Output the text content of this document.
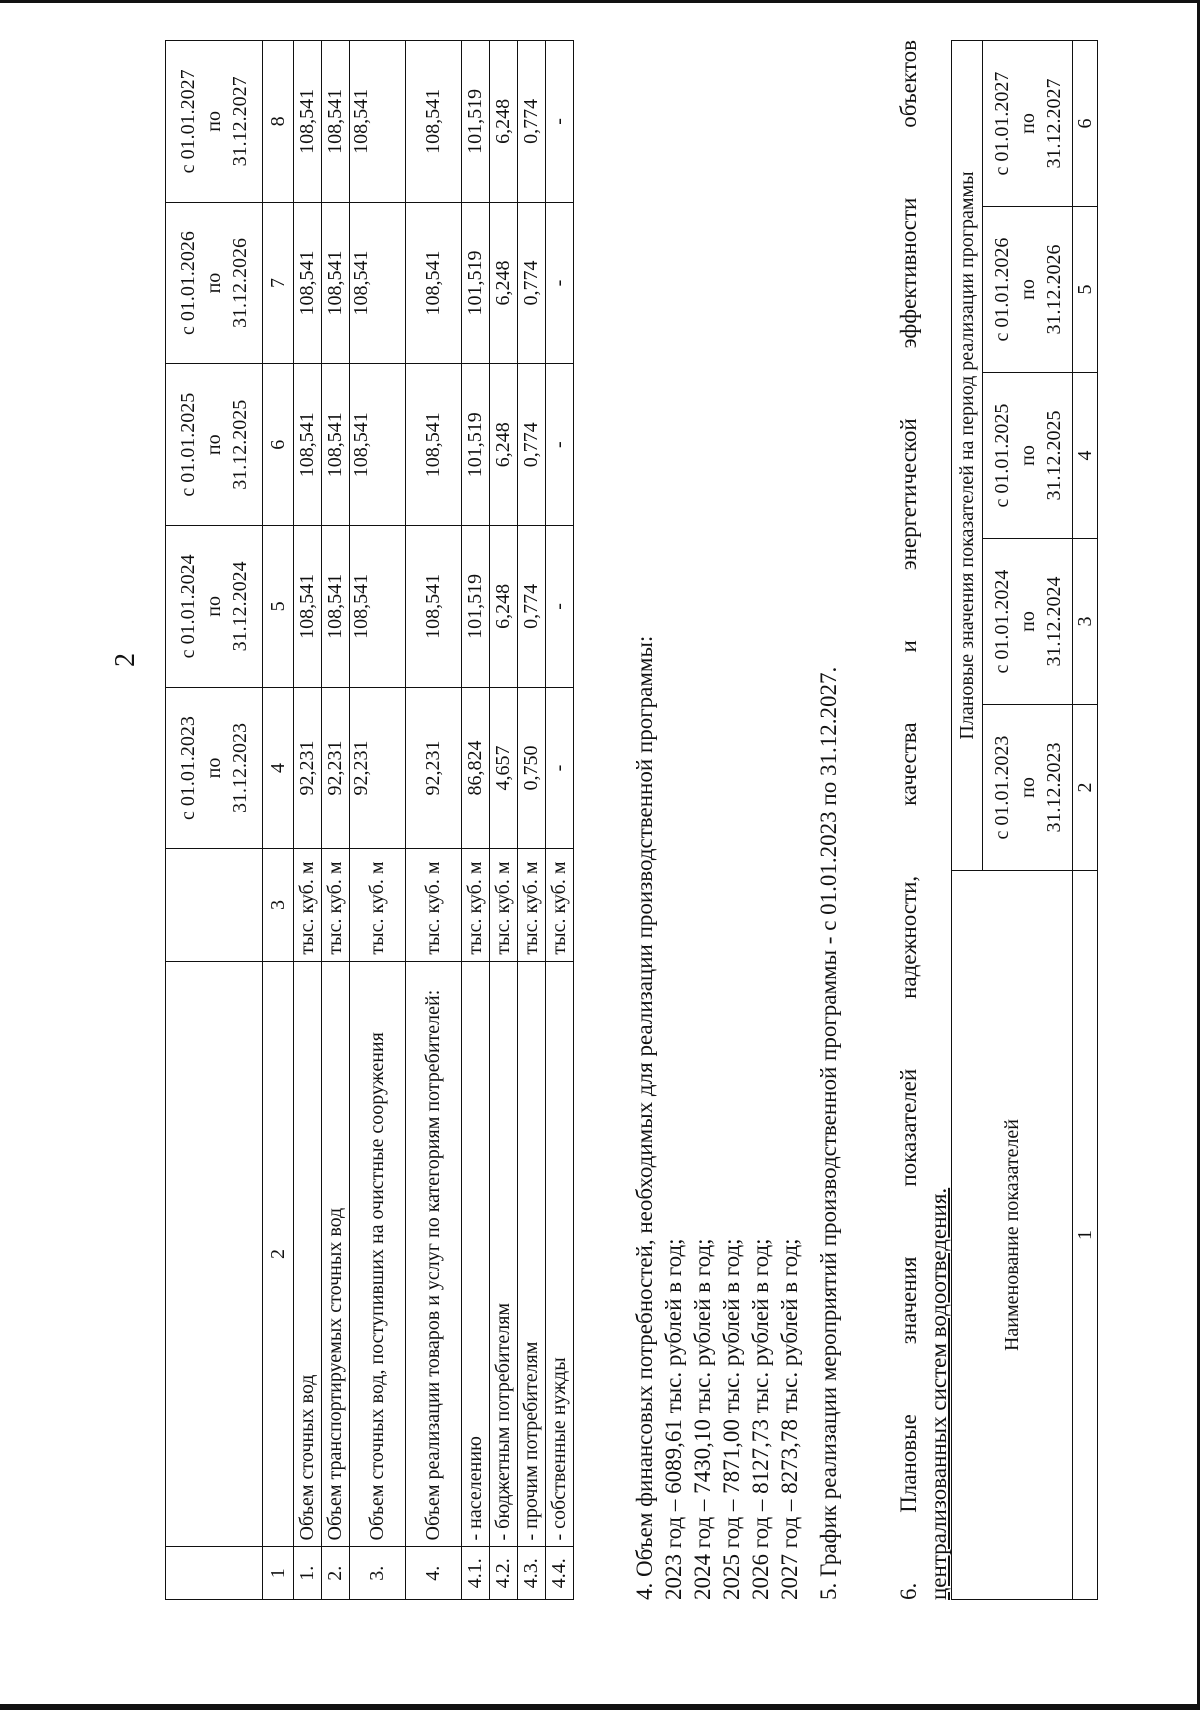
2
			с 01.01.2023 по 31.12.2023	с 01.01.2024 по 31.12.2024	с 01.01.2025 по 31.12.2025	с 01.01.2026 по 31.12.2026	с 01.01.2027 по 31.12.2027
1	2	3	4	5	6	7	8
1.	Объем сточных вод	тыс. куб. м	92,231	108,541	108,541	108,541	108,541
2.	Объем транспортируемых сточных вод	тыс. куб. м	92,231	108,541	108,541	108,541	108,541
3.	Объем сточных вод, поступивших на очистные сооружения	тыс. куб. м	92,231	108,541	108,541	108,541	108,541
4.	Объем реализации товаров и услуг по категориям потребителей:	тыс. куб. м	92,231	108,541	108,541	108,541	108,541
4.1.	- населению	тыс. куб. м	86,824	101,519	101,519	101,519	101,519
4.2.	- бюджетным потребителям	тыс. куб. м	4,657	6,248	6,248	6,248	6,248
4.3.	- прочим потребителям	тыс. куб. м	0,750	0,774	0,774	0,774	0,774
4.4.	- собственные нужды	тыс. куб. м	-	-	-	-	-
4. Объем финансовых потребностей, необходимых для реализации производственной программы: 2023 год – 6089,61 тыс. рублей в год; 2024 год – 7430,10 тыс. рублей в год; 2025 год – 7871,00 тыс. рублей в год; 2026 год – 8127,73 тыс. рублей в год; 2027 год – 8273,78 тыс. рублей в год; 5. График реализации мероприятий производственной программы - с 01.01.2023 по 31.12.2027. 6. Плановые значения показателей надежности, качества и энергетической эффективности объектов централизованных систем водоотведения. Наименование показателей	Плановые значения показателей на период реализации программы				
	с 01.01.2023 по 31.12.2023	с 01.01.2024 по 31.12.2024	с 01.01.2025 по 31.12.2025	с 01.01.2026 по 31.12.2026	с 01.01.2027 по 31.12.2027
1	2	3	4	5	6
